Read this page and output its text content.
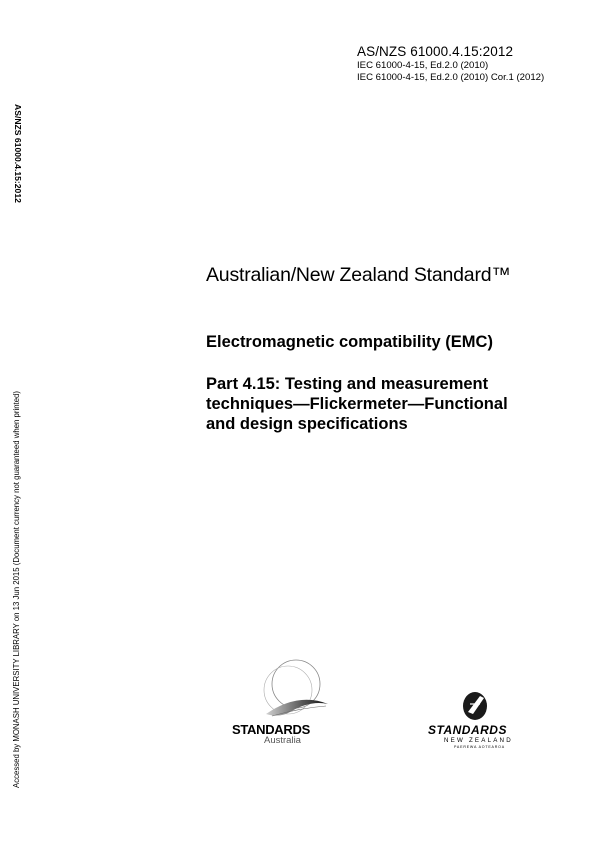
AS/NZS 61000.4.15:2012
IEC 61000-4-15, Ed.2.0 (2010)
IEC 61000-4-15, Ed.2.0 (2010) Cor.1 (2012)
AS/NZS 61000.4.15:2012
Accessed by MONASH UNIVERSITY LIBRARY on 13 Jun 2015 (Document currency not guaranteed when printed)
Australian/New Zealand Standard™
Electromagnetic compatibility (EMC)
Part 4.15: Testing and measurement
techniques—Flickermeter—Functional
and design specifications
STANDARDS
Australia
STANDARDS
NEW ZEALAND
PAEREWA AOTEAROA
